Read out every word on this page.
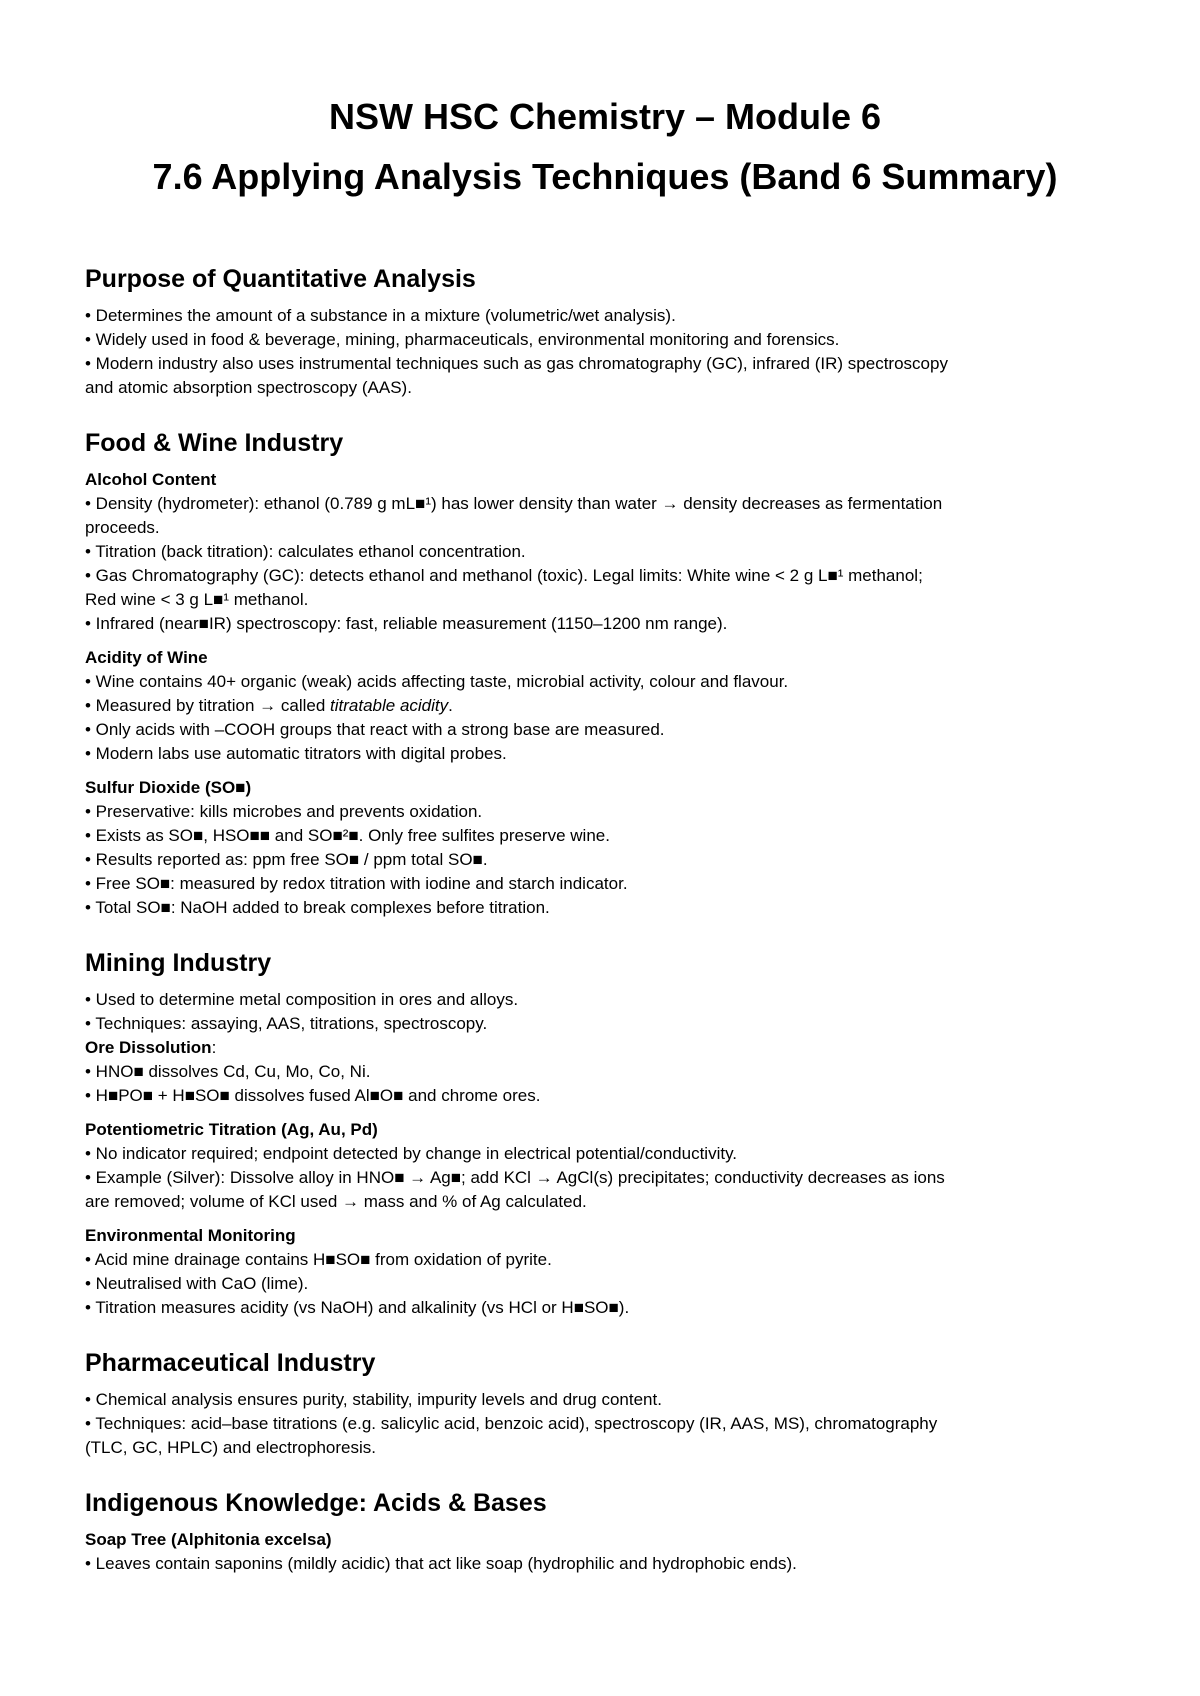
NSW HSC Chemistry – Module 6
7.6 Applying Analysis Techniques (Band 6 Summary)
Purpose of Quantitative Analysis

• Determines the amount of a substance in a mixture (volumetric/wet analysis).

• Widely used in food & beverage, mining, pharmaceuticals, environmental monitoring and forensics.

• Modern industry also uses instrumental techniques such as gas chromatography (GC), infrared (IR) spectroscopy

and atomic absorption spectroscopy (AAS).

Food & Wine Industry
Alcohol Content

• Density (hydrometer): ethanol (0.789 g mL■¹) has lower density than water → density decreases as fermentation

proceeds.

• Titration (back titration): calculates ethanol concentration.

• Gas Chromatography (GC): detects ethanol and methanol (toxic). Legal limits: White wine < 2 g L■¹ methanol;

Red wine < 3 g L■¹ methanol.

• Infrared (near■IR) spectroscopy: fast, reliable measurement (1150–1200 nm range).

Acidity of Wine

• Wine contains 40+ organic (weak) acids affecting taste, microbial activity, colour and flavour.

• Measured by titration → called titratable acidity.

• Only acids with –COOH groups that react with a strong base are measured.

• Modern labs use automatic titrators with digital probes.

Sulfur Dioxide (SO■)

• Preservative: kills microbes and prevents oxidation.

• Exists as SO■, HSO■■ and SO■²■. Only free sulfites preserve wine.

• Results reported as: ppm free SO■ / ppm total SO■.

• Free SO■: measured by redox titration with iodine and starch indicator.

• Total SO■: NaOH added to break complexes before titration.

Mining Industry

• Used to determine metal composition in ores and alloys.

• Techniques: assaying, AAS, titrations, spectroscopy.

Ore Dissolution:

• HNO■ dissolves Cd, Cu, Mo, Co, Ni.

• H■PO■ + H■SO■ dissolves fused Al■O■ and chrome ores.

Potentiometric Titration (Ag, Au, Pd)

• No indicator required; endpoint detected by change in electrical potential/conductivity.

• Example (Silver): Dissolve alloy in HNO■ → Ag■; add KCl → AgCl(s) precipitates; conductivity decreases as ions

are removed; volume of KCl used → mass and % of Ag calculated.

Environmental Monitoring

• Acid mine drainage contains H■SO■ from oxidation of pyrite.

• Neutralised with CaO (lime).

• Titration measures acidity (vs NaOH) and alkalinity (vs HCl or H■SO■).

Pharmaceutical Industry

• Chemical analysis ensures purity, stability, impurity levels and drug content.

• Techniques: acid–base titrations (e.g. salicylic acid, benzoic acid), spectroscopy (IR, AAS, MS), chromatography

(TLC, GC, HPLC) and electrophoresis.

Indigenous Knowledge: Acids & Bases
Soap Tree (Alphitonia excelsa)

• Leaves contain saponins (mildly acidic) that act like soap (hydrophilic and hydrophobic ends).
